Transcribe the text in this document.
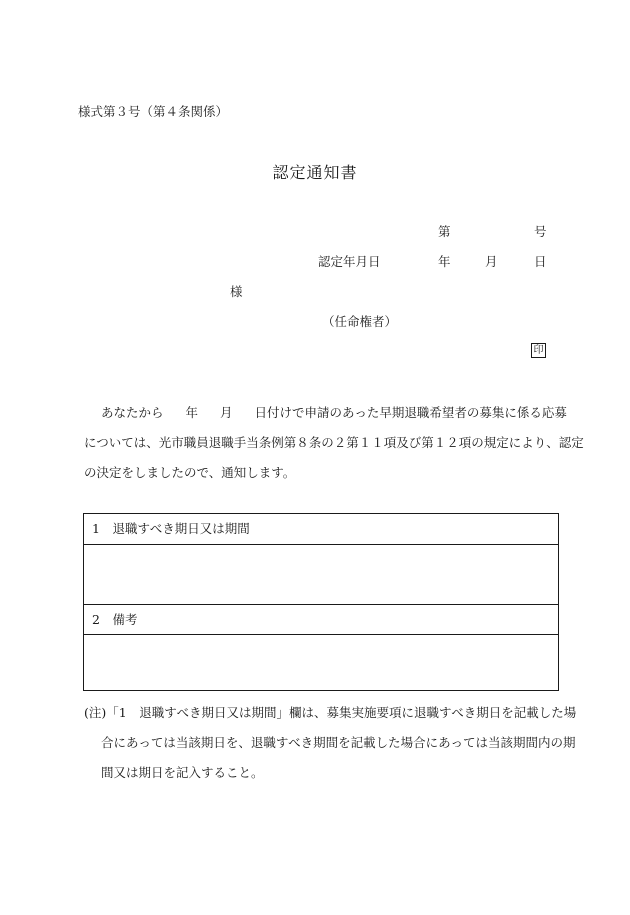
様式第３号（第４条関係）
認定通知書
第	号
認定年月日	年	月	日
様
（任命権者）
印
あなたから 年 月 日付けで申請のあった早期退職希望者の募集に係る応募
については、光市職員退職手当条例第８条の２第１１項及び第１２項の規定により、認定
の決定をしましたので、通知します。
1　退職すべき期日又は期間
2　備考
(注)「1　退職すべき期日又は期間」欄は、募集実施要項に退職すべき期日を記載した場
合にあっては当該期日を、退職すべき期間を記載した場合にあっては当該期間内の期
間又は期日を記入すること。
